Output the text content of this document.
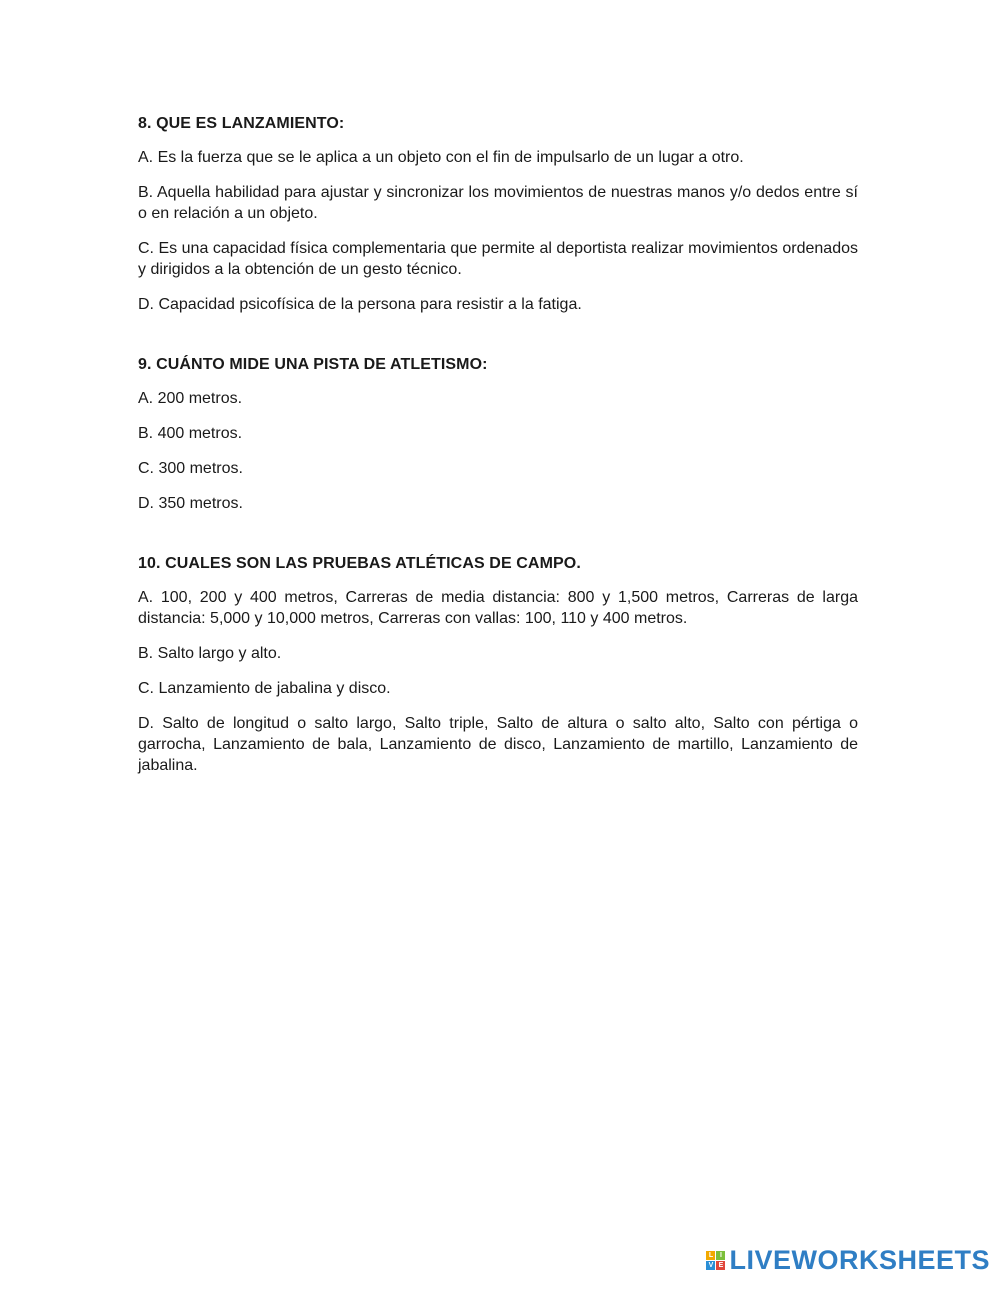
8. QUE ES LANZAMIENTO:

A. Es la fuerza que se le aplica a un objeto con el fin de impulsarlo de un lugar a otro.

B. Aquella habilidad para ajustar y sincronizar los movimientos de nuestras manos y/o dedos entre sí o en relación a un objeto.

C. Es una capacidad física complementaria que permite al deportista realizar movimientos ordenados y dirigidos a la obtención de un gesto técnico.

D. Capacidad psicofísica de la persona para resistir a la fatiga.

9. CUÁNTO MIDE UNA PISTA DE ATLETISMO:

A. 200 metros.

B. 400 metros.

C. 300 metros.

D. 350 metros.

10. CUALES SON LAS PRUEBAS ATLÉTICAS DE CAMPO.

A. 100, 200 y 400 metros, Carreras de media distancia: 800 y 1,500 metros, Carreras de larga distancia: 5,000 y 10,000 metros, Carreras con vallas: 100, 110 y 400 metros.

B. Salto largo y alto.

C. Lanzamiento de jabalina y disco.

D. Salto de longitud o salto largo, Salto triple, Salto de altura o salto alto, Salto con pértiga o garrocha, Lanzamiento de bala, Lanzamiento de disco, Lanzamiento de martillo, Lanzamiento de jabalina.

L I
V E LIVEWORKSHEETS
